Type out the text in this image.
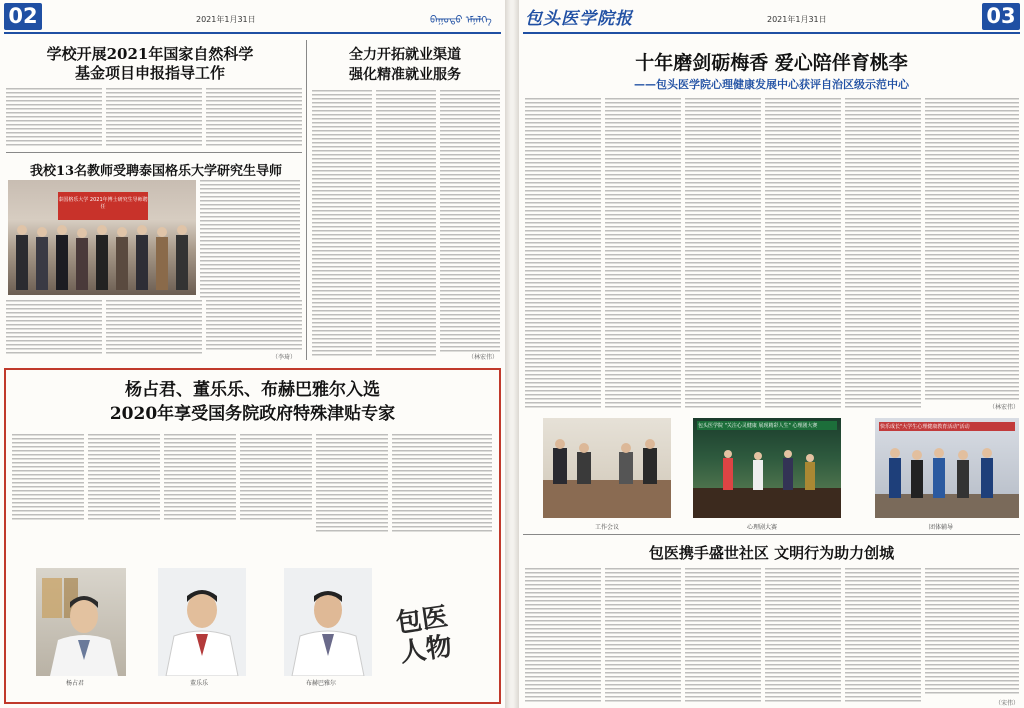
02	2021年1月31日	ᠪᠠᠭᠤᠲᠤ ᠡᠮᠨᠡᠯᠭᠡ
学校开展2021年国家自然科学
基金项目申报指导工作
全力开拓就业渠道
强化精准就业服务
（林宏伟）
我校13名教师受聘泰国格乐大学研究生导师
泰国格乐大学 2021年博士研究生导师聘任
（李琦）
杨占君、董乐乐、布赫巴雅尔入选
2020年享受国务院政府特殊津贴专家
杨占君	董乐乐	布赫巴雅尔
包医人物
包头医学院报	2021年1月31日	03
十年磨剑砺梅香 爱心陪伴育桃李
——包头医学院心理健康发展中心获评自治区级示范中心
（林宏伟）
工作会议
包头医学院 "关注心灵健康 展现精彩人生" 心理剧大赛
心理剧大赛
快乐成长"大学生心理健康教育活动"活动
团体辅导
包医携手盛世社区 文明行为助力创城
（宋伟）
